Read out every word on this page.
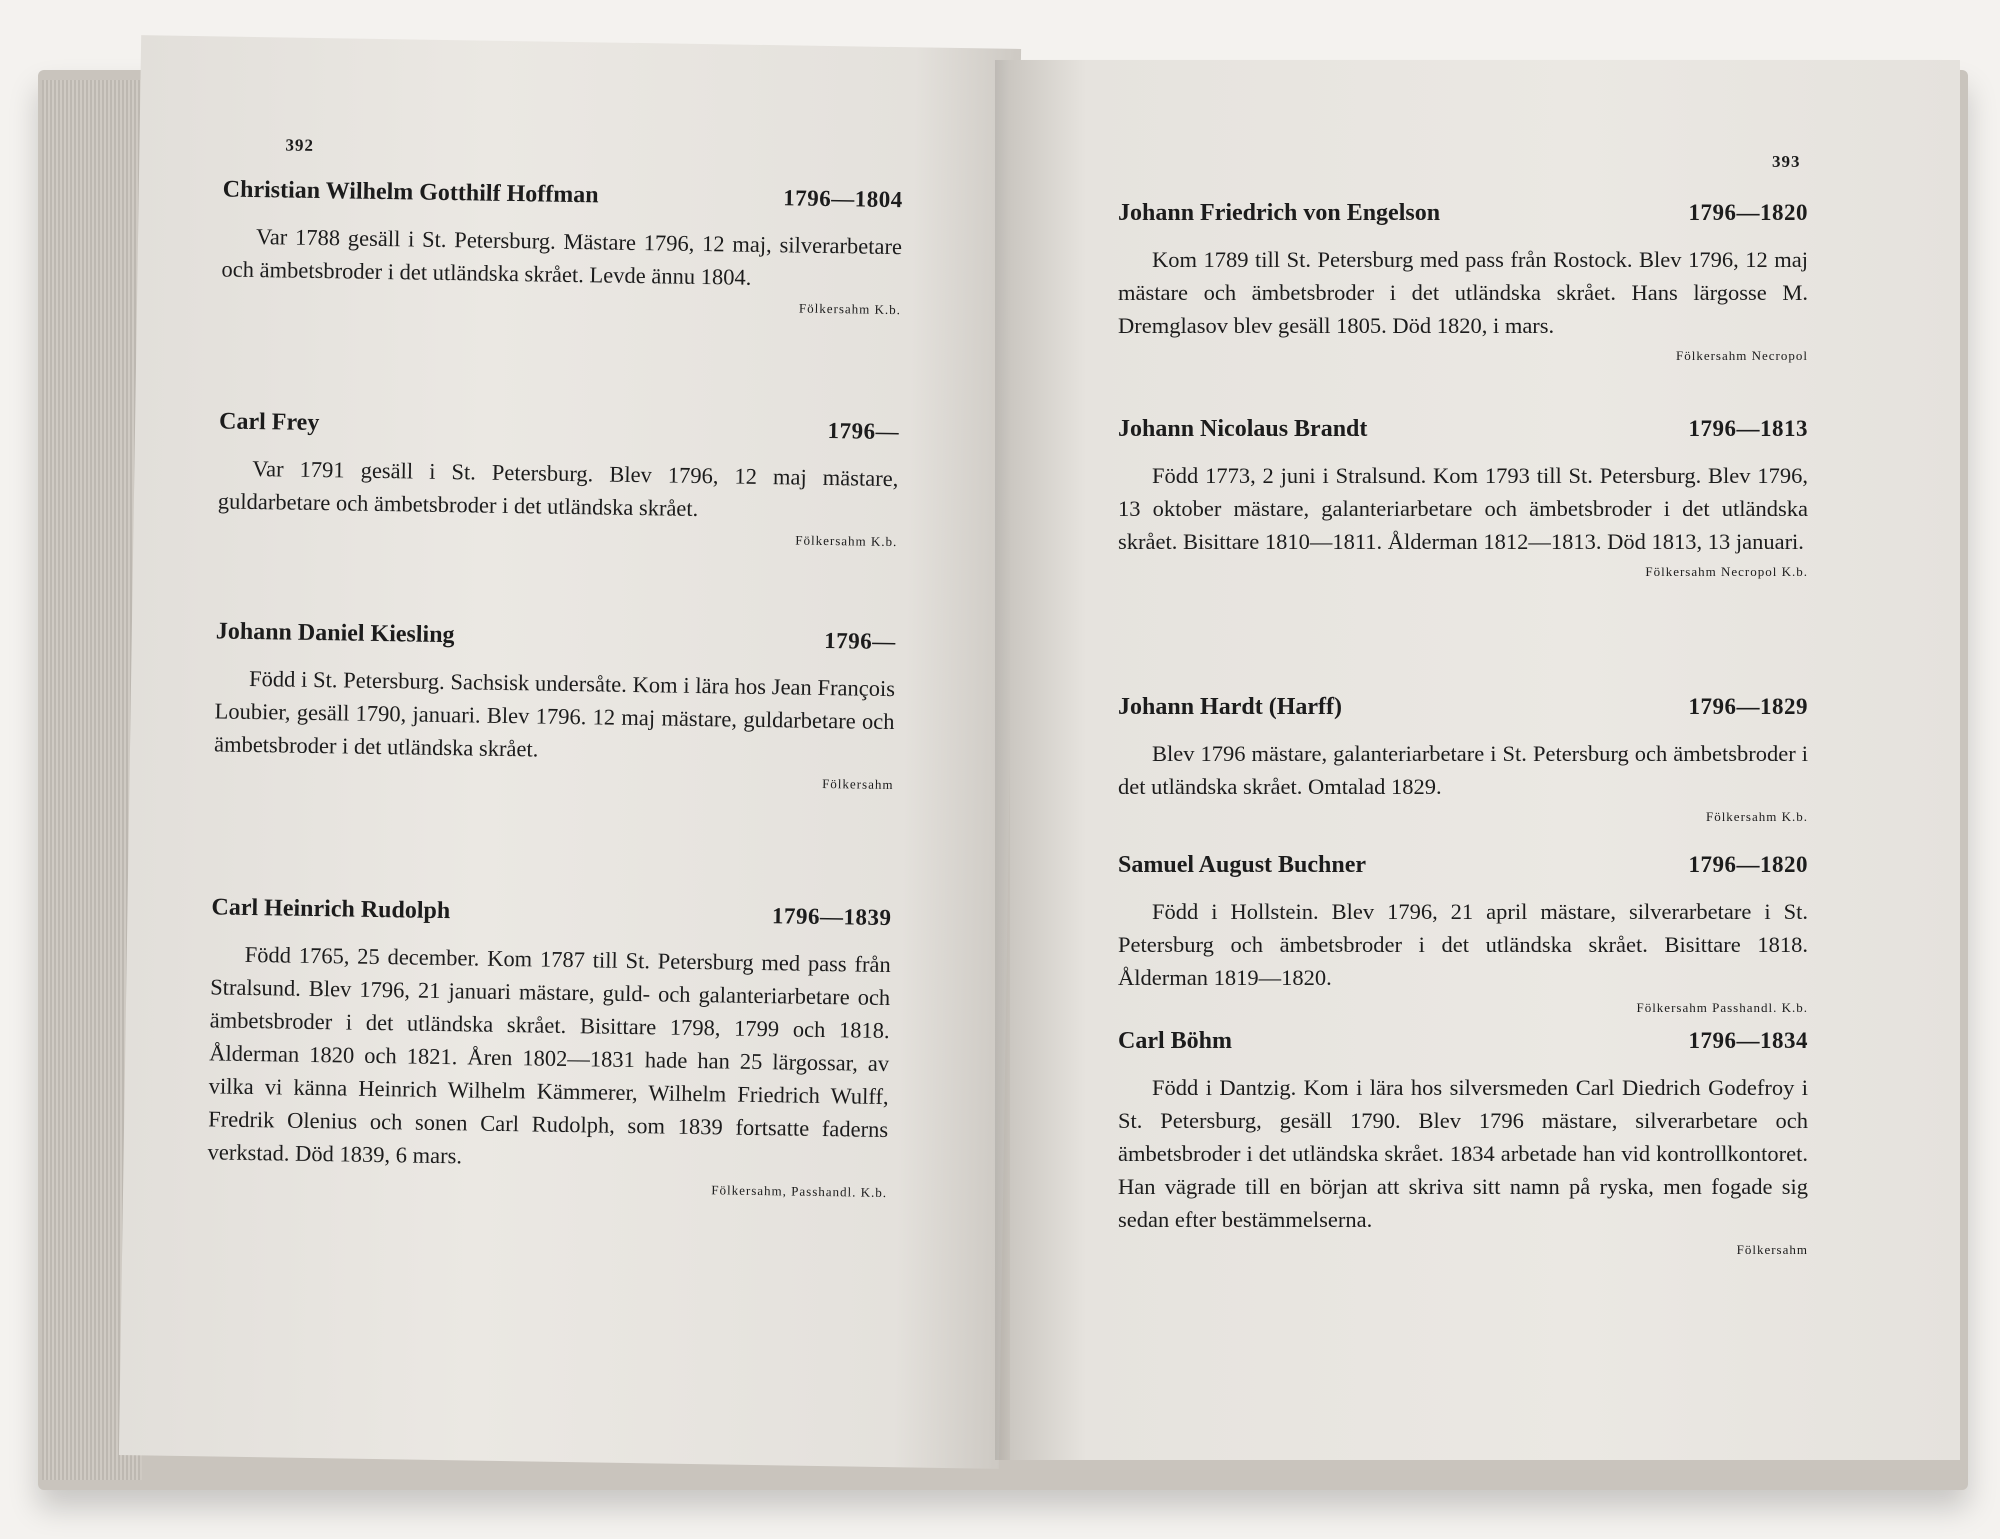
392
Christian Wilhelm Gotthilf Hoffman	1796—1804
Var 1788 gesäll i St. Petersburg. Mästare 1796, 12 maj, silverarbetare och ämbetsbroder i det utländska skrået. Levde ännu 1804.
Fölkersahm K.b.
Carl Frey	1796—
Var 1791 gesäll i St. Petersburg. Blev 1796, 12 maj mästare, guldarbetare och ämbetsbroder i det utländska skrået.
Fölkersahm K.b.
Johann Daniel Kiesling	1796—
Född i St. Petersburg. Sachsisk undersåte. Kom i lära hos Jean François Loubier, gesäll 1790, januari. Blev 1796. 12 maj mästare, guldarbetare och ämbetsbroder i det utländska skrået.
Fölkersahm
Carl Heinrich Rudolph	1796—1839
Född 1765, 25 december. Kom 1787 till St. Petersburg med pass från Stralsund. Blev 1796, 21 januari mästare, guld- och galanteriarbetare och ämbetsbroder i det utländska skrået. Bisittare 1798, 1799 och 1818. Ålderman 1820 och 1821. Åren 1802—1831 hade han 25 lärgossar, av vilka vi känna Heinrich Wilhelm Kämmerer, Wilhelm Friedrich Wulff, Fredrik Olenius och sonen Carl Rudolph, som 1839 fortsatte faderns verkstad. Död 1839, 6 mars.
Fölkersahm, Passhandl. K.b.
393
Johann Friedrich von Engelson	1796—1820
Kom 1789 till St. Petersburg med pass från Rostock. Blev 1796, 12 maj mästare och ämbetsbroder i det utländska skrået. Hans lärgosse M. Dremglasov blev gesäll 1805. Död 1820, i mars.
Fölkersahm Necropol
Johann Nicolaus Brandt	1796—1813
Född 1773, 2 juni i Stralsund. Kom 1793 till St. Petersburg. Blev 1796, 13 oktober mästare, galanteriarbetare och ämbetsbroder i det utländska skrået. Bisittare 1810—1811. Ålderman 1812—1813. Död 1813, 13 januari.
Fölkersahm Necropol K.b.
Johann Hardt (Harff)	1796—1829
Blev 1796 mästare, galanteriarbetare i St. Petersburg och ämbetsbroder i det utländska skrået. Omtalad 1829.
Fölkersahm K.b.
Samuel August Buchner	1796—1820
Född i Hollstein. Blev 1796, 21 april mästare, silverarbetare i St. Petersburg och ämbetsbroder i det utländska skrået. Bisittare 1818. Ålderman 1819—1820.
Fölkersahm Passhandl. K.b.
Carl Böhm	1796—1834
Född i Dantzig. Kom i lära hos silversmeden Carl Diedrich Godefroy i St. Petersburg, gesäll 1790. Blev 1796 mästare, silverarbetare och ämbetsbroder i det utländska skrået. 1834 arbetade han vid kontrollkontoret. Han vägrade till en början att skriva sitt namn på ryska, men fogade sig sedan efter bestämmelserna.
Fölkersahm
